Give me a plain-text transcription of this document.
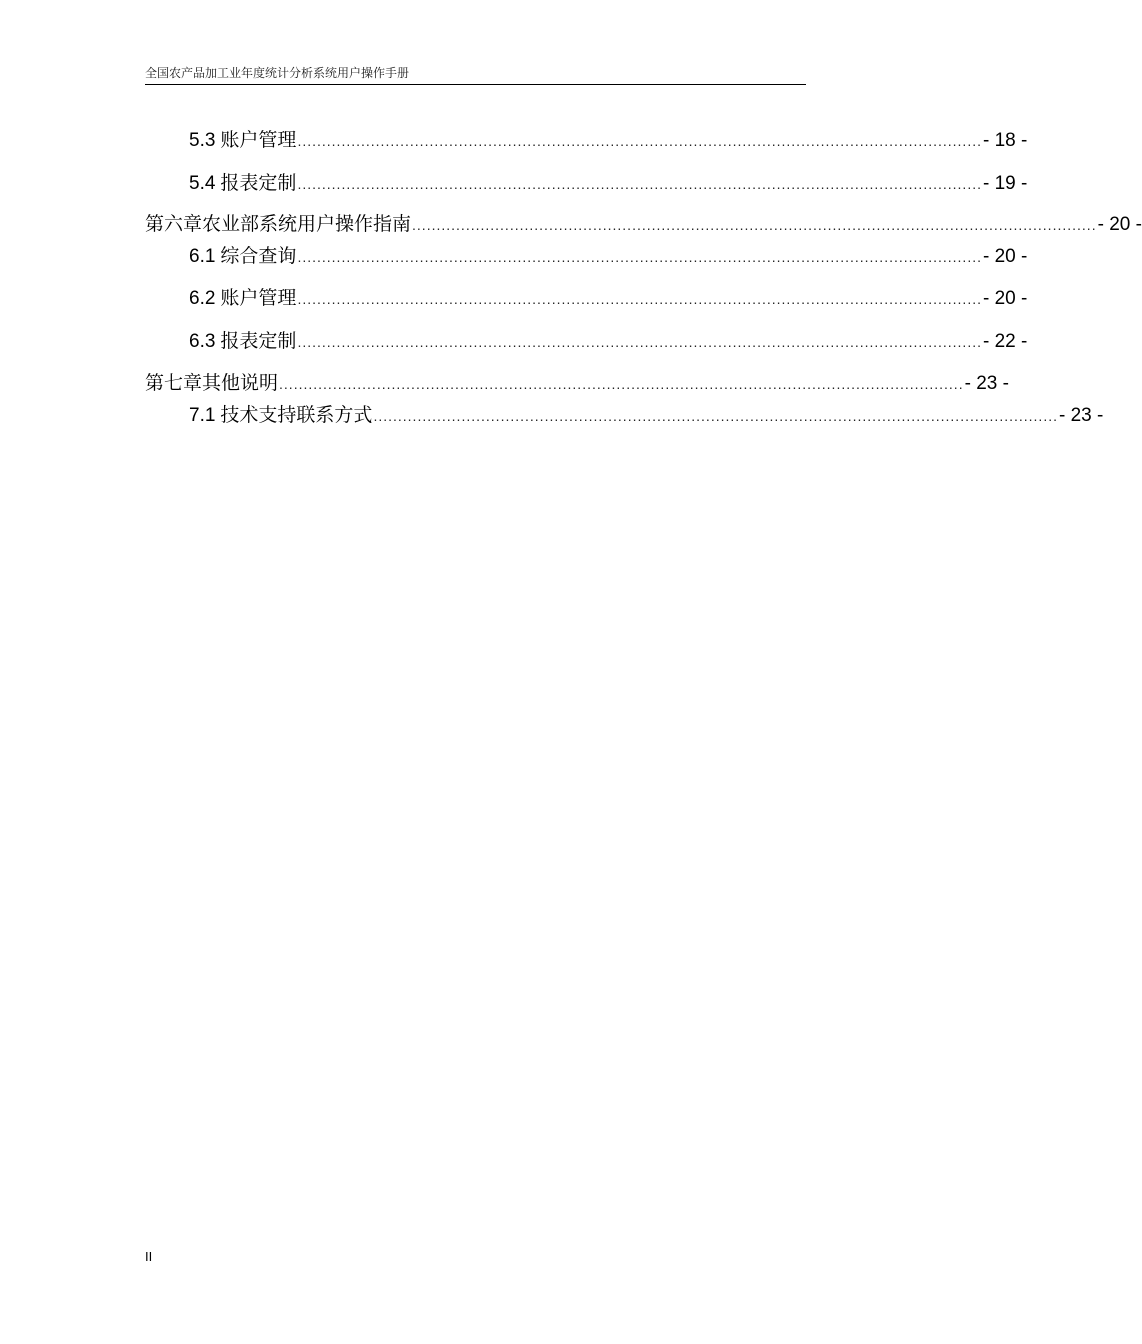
全国农产品加工业年度统计分析系统用户操作手册
5.3 账户管理 ............................................................................................................................................ - 18 -
5.4 报表定制 ............................................................................................................................................ - 19 -
第六章 农业部系统用户操作指南 ............................................................................................................................................ - 20 -
6.1 综合查询 ............................................................................................................................................ - 20 -
6.2 账户管理 ............................................................................................................................................ - 20 -
6.3 报表定制 ............................................................................................................................................ - 22 -
第七章 其他说明 ............................................................................................................................................ - 23 -
7.1 技术支持联系方式 ............................................................................................................................................ - 23 -
II
